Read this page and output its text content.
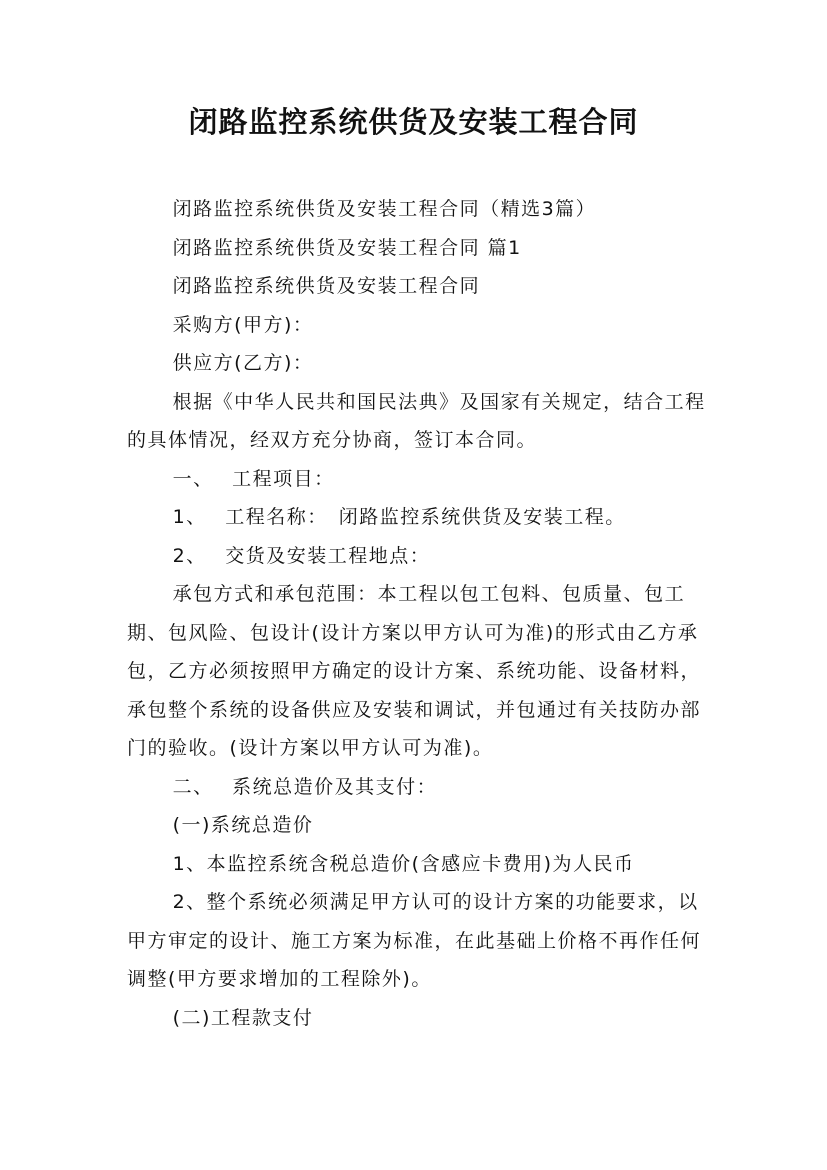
闭路监控系统供货及安装工程合同

闭路监控系统供货及安装工程合同（精选3篇）

闭路监控系统供货及安装工程合同 篇1

闭路监控系统供货及安装工程合同

采购方(甲方)：

供应方(乙方)：

根据《中华人民共和国民法典》及国家有关规定，结合工程的具体情况，经双方充分协商，签订本合同。

一、　 工程项目：

1、　 工程名称：　闭路监控系统供货及安装工程。

2、　 交货及安装工程地点：

承包方式和承包范围：本工程以包工包料、包质量、包工期、包风险、包设计(设计方案以甲方认可为准)的形式由乙方承包，乙方必须按照甲方确定的设计方案、系统功能、设备材料，承包整个系统的设备供应及安装和调试，并包通过有关技防办部门的验收。(设计方案以甲方认可为准)。

二、　 系统总造价及其支付：

(一)系统总造价

1、本监控系统含税总造价(含感应卡费用)为人民币

2、整个系统必须满足甲方认可的设计方案的功能要求，以甲方审定的设计、施工方案为标准，在此基础上价格不再作任何调整(甲方要求增加的工程除外)。

(二)工程款支付
